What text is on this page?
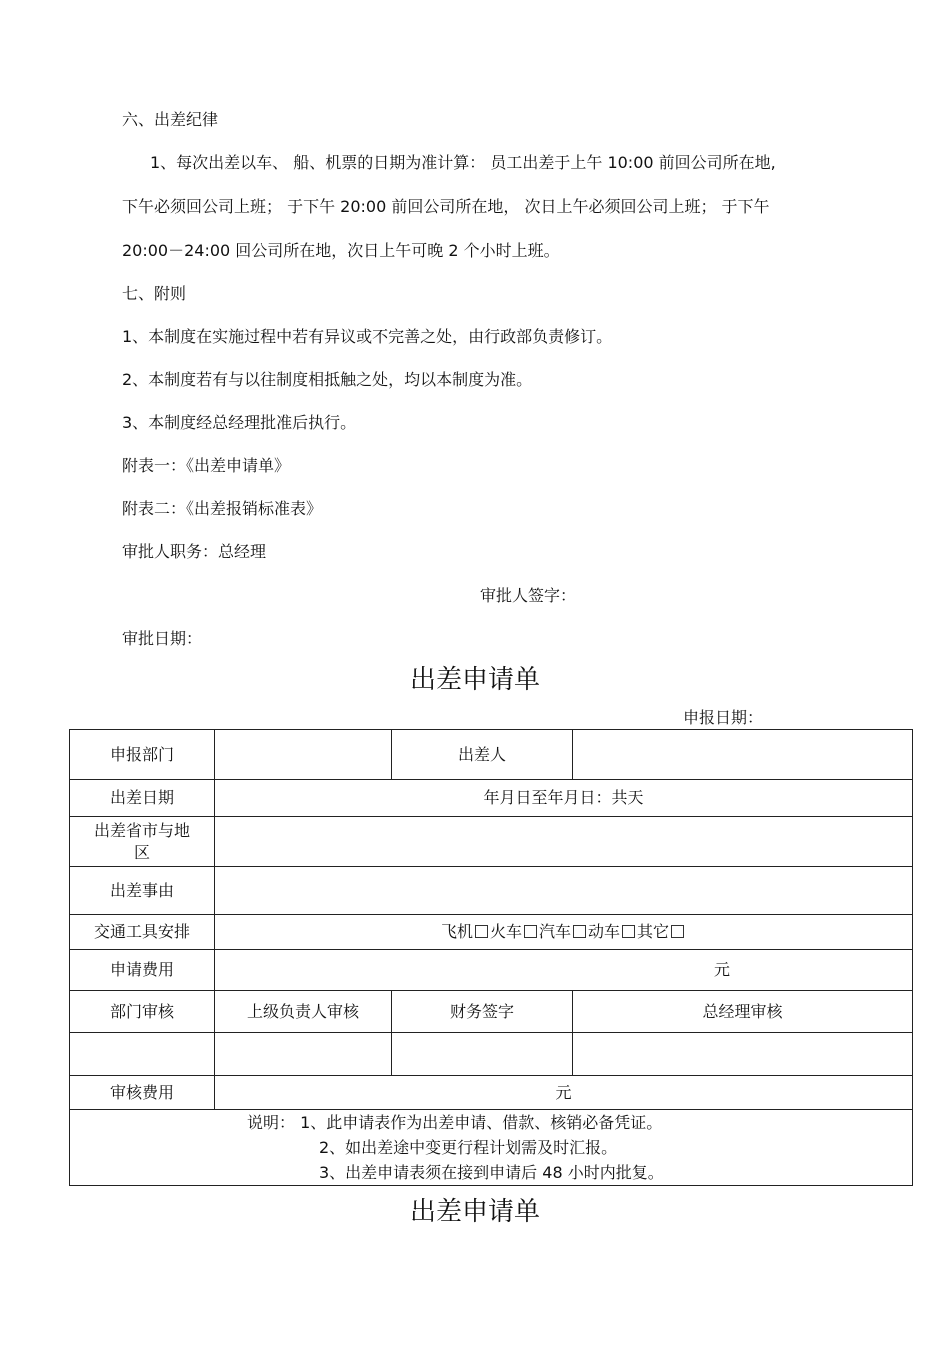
六、出差纪律

1、每次出差以车、 船、机票的日期为准计算： 员工出差于上午 10:00 前回公司所在地,

下午必须回公司上班； 于下午 20:00 前回公司所在地， 次日上午必须回公司上班； 于下午

20:00－24:00 回公司所在地，次日上午可晚 2 个小时上班。

七、附则

1、本制度在实施过程中若有异议或不完善之处，由行政部负责修订。

2、本制度若有与以往制度相抵触之处，均以本制度为准。

3、本制度经总经理批准后执行。

附表一：《出差申请单》

附表二：《出差报销标准表》

审批人职务：总经理

审批人签字：

审批日期：

出差申请单

申报日期：

申报部门		出差人	
出差日期	年月日至年月日：共天		

出差省市与地
区			

出差事由			
交通工具安排	飞机 火车 汽车 动车 其它		
申请费用	元		
部门审核	上级负责人审核	财务签字	总经理审核

审核费用	元		

说明： 1、此申请表作为出差申请、借款、核销必备凭证。
2、如出差途中变更行程计划需及时汇报。
3、出差申请表须在接到申请后 48 小时内批复。			
出差申请单
